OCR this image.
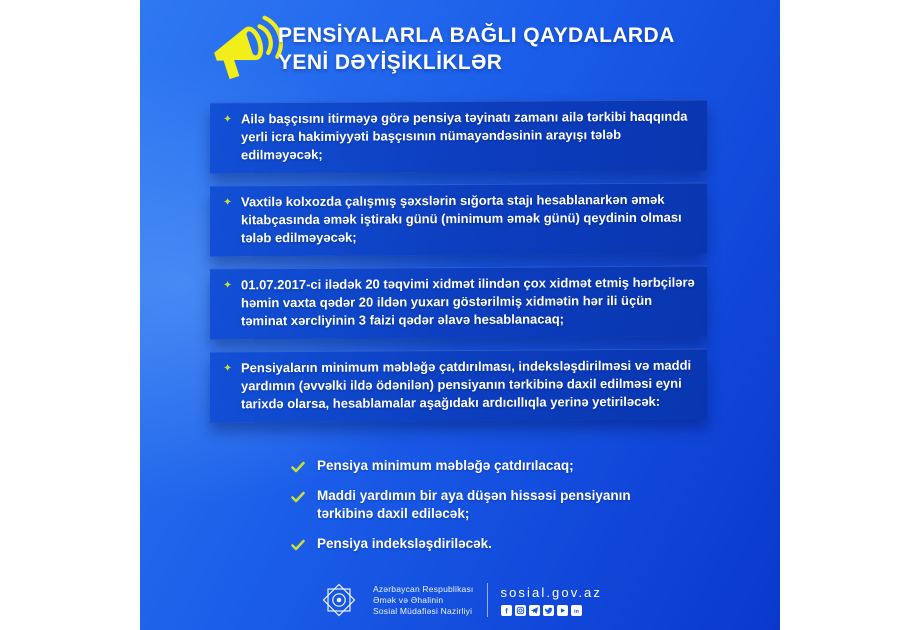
PENSİYALARLA BAĞLI QAYDALARDA
YENİ DƏYİŞİKLİKLƏR
✦ Ailə başçısını itirməyə görə pensiya təyinatı zamanı ailə tərkibi haqqında yerli icra hakimiyyəti başçısının nümayəndəsinin arayışı tələb edilməyəcək;

✦ Vaxtilə kolxozda çalışmış şəxslərin sığorta stajı hesablanarkən əmək kitabçasında əmək iştirakı günü (minimum əmək günü) qeydinin olması tələb edilməyəcək;

✦ 01.07.2017-ci ilədək 20 təqvimi xidmət ilindən çox xidmət etmiş hərbçilərə həmin vaxta qədər 20 ildən yuxarı göstərilmiş xidmətin hər ili üçün təminat xərcliyinin 3 faizi qədər əlavə hesablanacaq;

✦ Pensiyaların minimum məbləğə çatdırılması, indeksləşdirilməsi və maddi yardımın (əvvəlki ildə ödənilən) pensiyanın tərkibinə daxil edilməsi eyni tarixdə olarsa, hesablamalar aşağıdakı ardıcıllıqla yerinə yetiriləcək:

Pensiya minimum məbləğə çatdırılacaq;

Maddi yardımın bir aya düşən hissəsi pensiyanın tərkibinə daxil ediləcək;

Pensiya indeksləşdiriləcək.

Azərbaycan Respublikası
Əmək və Əhalinin
Sosial Müdafiəsi Nazirliyi
sosial.gov.az
f	in
